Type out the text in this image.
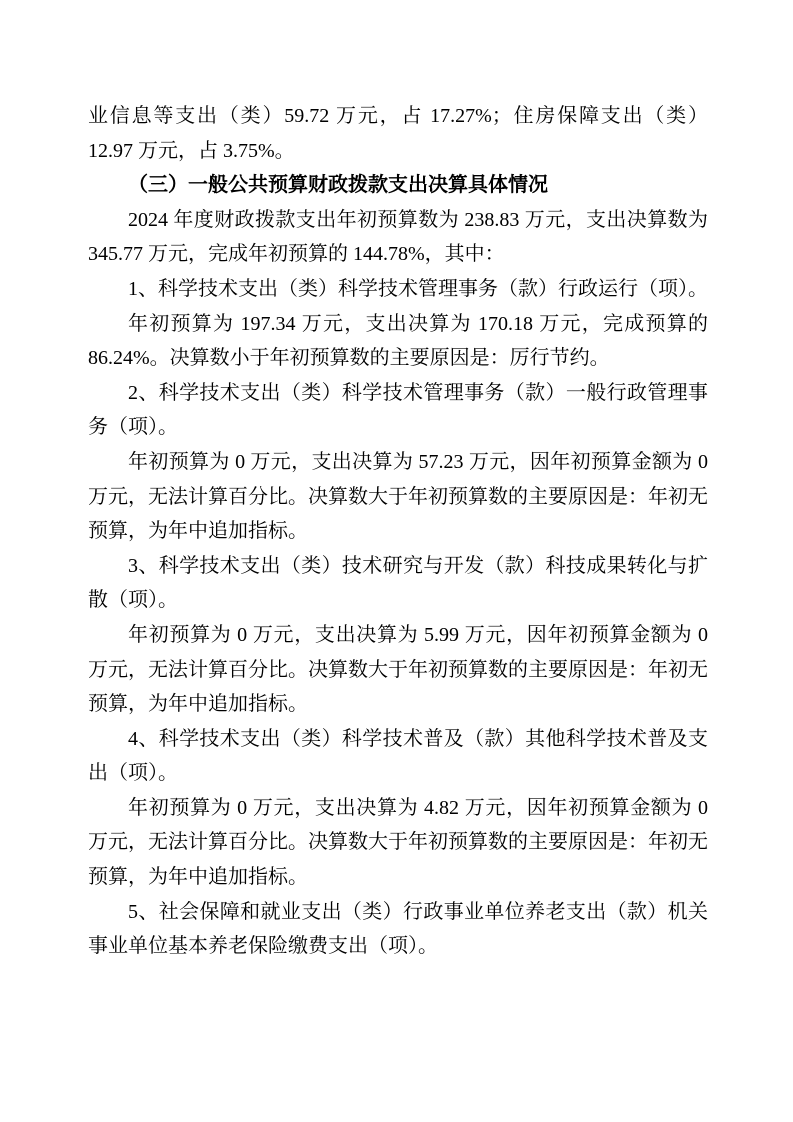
业信息等支出（类）59.72 万元，占 17.27%；住房保障支出（类）12.97 万元，占 3.75%。

（三）一般公共预算财政拨款支出决算具体情况

2024 年度财政拨款支出年初预算数为 238.83 万元，支出决算数为 345.77 万元，完成年初预算的 144.78%，其中：

1、科学技术支出（类）科学技术管理事务（款）行政运行（项）。

年初预算为 197.34 万元，支出决算为 170.18 万元，完成预算的 86.24%。决算数小于年初预算数的主要原因是：厉行节约。

2、科学技术支出（类）科学技术管理事务（款）一般行政管理事务（项）。

年初预算为 0 万元，支出决算为 57.23 万元，因年初预算金额为 0 万元，无法计算百分比。决算数大于年初预算数的主要原因是：年初无预算，为年中追加指标。

3、科学技术支出（类）技术研究与开发（款）科技成果转化与扩散（项）。

年初预算为 0 万元，支出决算为 5.99 万元，因年初预算金额为 0 万元，无法计算百分比。决算数大于年初预算数的主要原因是：年初无预算，为年中追加指标。

4、科学技术支出（类）科学技术普及（款）其他科学技术普及支出（项）。

年初预算为 0 万元，支出决算为 4.82 万元，因年初预算金额为 0 万元，无法计算百分比。决算数大于年初预算数的主要原因是：年初无预算，为年中追加指标。

5、社会保障和就业支出（类）行政事业单位养老支出（款）机关事业单位基本养老保险缴费支出（项）。
